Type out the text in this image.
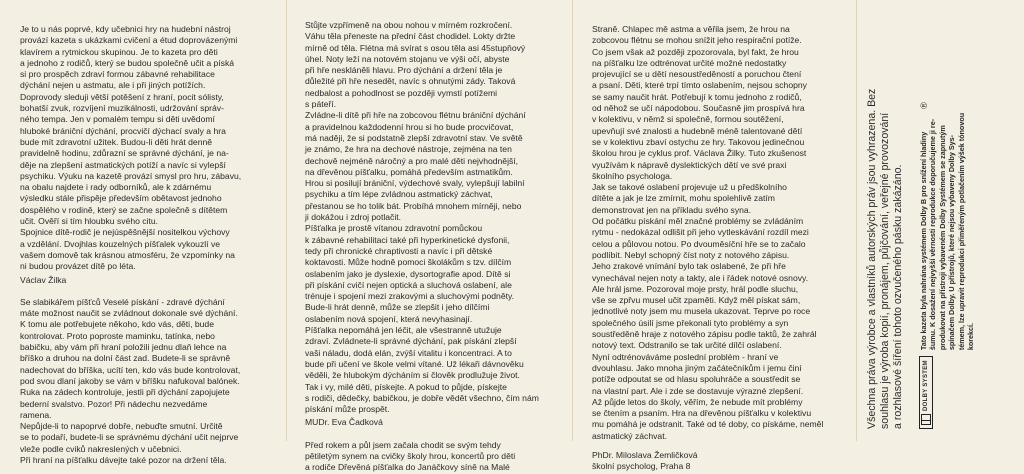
Je to u nás poprvé, kdy učebnici hry na hudební nástroj
provází kazeta s ukázkami cvičení a étud doprovázenými
klavírem a rytmickou skupinou. Je to kazeta pro děti
a jednoho z rodičů, který se budou společně učit a píská
si pro prospěch zdraví formou zábavné rehabilitace
dýchání nejen u astmatu, ale i při jiných potížích.
Doprovody sleduji větší potěšení z hraní, pocit sólisty,
bohatší zvuk, rozvíjení muzikálnosti, udržování správ-
ného tempa. Jen v pomalém tempu si děti uvědomí
hluboké brániční dýchání, procvičí dýchací svaly a hra
bude mít zdravotní užitek. Budou-li děti hrát denně
pravidelně hodinu, zdůrazní se správné dýchání, je na-
děje na zlepšení astmatických potíží a navíc si vylepší
psychiku. Výuku na kazetě provází smysl pro hru, zábavu,
na obalu najdete i rady odborníků, ale k zdárnému
výsledku stále přispěje především obětavost jednoho
dospělého v rodině, který se začne společně s dítětem
učit. Ověří si tím hloubku svého citu.

Spojnice dítě-rodič je nejúspěšnější nositelkou výchovy
a vzdělání. Dvojhlas kouzelných píšťalek vykouzlí ve
vašem domově tak krásnou atmosféru, že vzpomínky na
ni budou provázet dítě po léta.

Václav Žilka

Se slabikářem píšťců Veselé pískání - zdravé dýchání
máte možnost naučit se zvládnout dokonale své dýchání.
K tomu ale potřebujete někoho, kdo vás, děti, bude
kontrolovat. Proto poproste maminku, tatínka, nebo
babičku, aby vám při hraní položili jednu dlaň lehce na
bříško a druhou na dolní část zad. Budete-li se správně
nadechovat do bříška, ucítí ten, kdo vás bude kontrolovat,
pod svou dlaní jakoby se vám v bříšku nafukoval balónek.
Ruka na zádech kontroluje, jestli při dýchání zapojujete
bederní svalstvo. Pozor! Při nádechu nezvedáme
ramena.

Nepůjde-li to napoprvé dobře, nebuďte smutní. Určitě
se to podaří, budete-li se správnému dýchání učit nejprve
vleže podle cviků nakreslených v učebnici.
Při hraní na píšťalku dávejte také pozor na držení těla.

Stůjte vzpřímeně na obou nohou v mírném rozkročení.
Váhu těla přeneste na přední část chodidel. Lokty držte
mírně od těla. Flétna má svírat s osou těla asi 45stupňový
úhel. Noty leží na notovém stojanu ve výši očí, abyste
při hře neskláněli hlavu. Pro dýchání a držení těla je
důležité při hře nesedět, navíc s ohnutými zády. Taková
nedbalost a pohodlnost se později vymstí potížemi
s páteří.

Zvládne-li dítě při hře na zobcovou flétnu brániční dýchání
a pravidelnou každodenní hrou si ho bude procvičovat,
má naději, že si podstatně zlepší zdravotní stav. Ve světě
je známo, že hra na dechové nástroje, zejména na ten
dechově nejméně náročný a pro malé děti nejvhodnější,
na dřevěnou píšťalku, pomáhá především astmatikům.
Hrou si posilují brániční, výdechové svaly, vylepšují labilní
psychiku a tím lépe zvládnou astmatický záchvat,
přestanou se ho tolik bát. Probíhá mnohem mírněji, nebo
ji dokážou i zdroj potlačit.

Píšťalka je prostě vítanou zdravotní pomůckou
k zábavné rehabilitaci také při hyperkinetické dysfonii,
tedy při chronické chraptivosti a navíc i při dětské
koktavosti. Může hodně pomoci školákům s tzv. dílčím
oslabením jako je dyslexie, dysortografie apod. Dítě si
při pískání cvičí nejen optická a sluchová oslabení, ale
trénuje i spojení mezi zrakovými a sluchovými podněty.
Bude-li hrát denně, může se zlepšit i jeho dílčími
oslabením nová spojení, která nevyhasinají.

Píšťalka nepomáhá jen léčit, ale všestranně utužuje
zdraví. Zvládnete-li správné dýchání, pak pískání zlepší
vaši náladu, dodá elán, zvýší vitalitu i koncentraci. A to
bude při učení ve škole velmi vítané. Už lékaři dávnověku
věděli, že hlubokým dýcháním si člověk prodlužuje život.
Tak i vy, milé děti, pískejte. A pokud to půjde, pískejte
s rodiči, dědečky, babičkou, je dobře vědět všechno, čím nám
pískání může prospět.

MUDr. Eva Čadková

Před rokem a půl jsem začala chodit se svým tehdy
pětiletým synem na cvičky školy hrou, koncertů pro děti
a rodiče Dřevěná píšťalka do Janáčkovy síně na Malé

Straně. Chlapec mě astma a věřila jsem, že hrou na
zobcovou flétnu se mohou snížit jeho respirační potíže.
Co jsem však až později zpozorovala, byl fakt, že hrou
na píšťalku lze odtrénovat určité možné nedostatky
projevující se u dětí nesoustředěností a poruchou čtení
a psaní. Děti, které trpí tímto oslabením, nejsou schopny
se samy naučit hrát. Potřebují k tomu jednoho z rodičů,
od něhož se učí nápodobou. Současně jim prospívá hra
v kolektivu, v němž si společně, formou soutěžení,
upevňují své znalosti a hudebně méně talentované dětí
se v kolektivu zbaví ostychu ze hry. Takovou jedinečnou
školou hrou je cyklus prof. Václava Žilky. Tuto zkušenost
využívám k nápravě dyslektických dětí ve své praxi
školního psychologa.

Jak se takové oslabení projevuje už u předškolního
dítěte a jak je lze zmírnit, mohu spolehlivě zatím
demonstrovat jen na příkladu svého syna.
Od počátku pískání měl značné problémy se zvládáním
rytmu - nedokázal odlišit při jeho vytleskávání rozdíl mezi
celou a půlovou notou. Po dvouměsíční hře se to začalo
podlíbit. Nebyl schopný číst noty z notového zápisu.
Jeho zrakové vnímání bylo tak oslabené, že při hře
vynechával nejen noty a takty, ale i řádek notové osnovy.
Ale hrál jsme. Pozoroval moje prsty, hrál podle sluchu,
vše se zpřvu musel učit zpaměti. Když měl pískat sám,
jednotlivé noty jsem mu musela ukazovat. Teprve po roce
společného úsilí jsme překonali tyto problémy a syn
soustředěně hraje z notového zápisu podle taktů, že zahrál
notový text. Odstranilo se tak určité dílčí oslabení.
Nyní odtrénováváme poslední problém - hraní ve
dvouhlasu. Jako mnoha jiným začátečníkům i jemu činí
potíže odpoutat se od hlasu spoluhráče a soustředit se
na vlastní part. Ale i zde se dostavuje výrazné zlepšení.
Až půjde letos do školy, věřím, že nebude mít problémy
se čtením a psaním. Hra na dřevěnou píšťalku v kolektivu
mu pomáhá je odstranit. Také od té doby, co pískáme, neměl
astmatický záchvat.

PhDr. Miloslava Žemličková
školní psycholog, Praha 8

Všechna práva výrobce a vlastníků autorských práv jsou vyhrazena. Bez
souhlasu je výroba kopií, pronájem, půjčování, veřejné provozování
a rozhlasové šíření tohoto ozvučeného pásku zakázáno.

DOLBY SYSTEM

Tato kazeta byla nahrána systémem Dolby B pro snížení hladiny
šumu. K dosažení nejvyšší věrnosti reprodukce doporučujeme ji re-
produkovat na přístroji vybaveném Dolby Systémem se zapnutým
spínačem Dolby. U přístrojů, které nejsou vybaveny Dolby Sys-
témem, lze upravit reprodukci přiměřeným potlačením výšek tónovou
korekcí.

®
